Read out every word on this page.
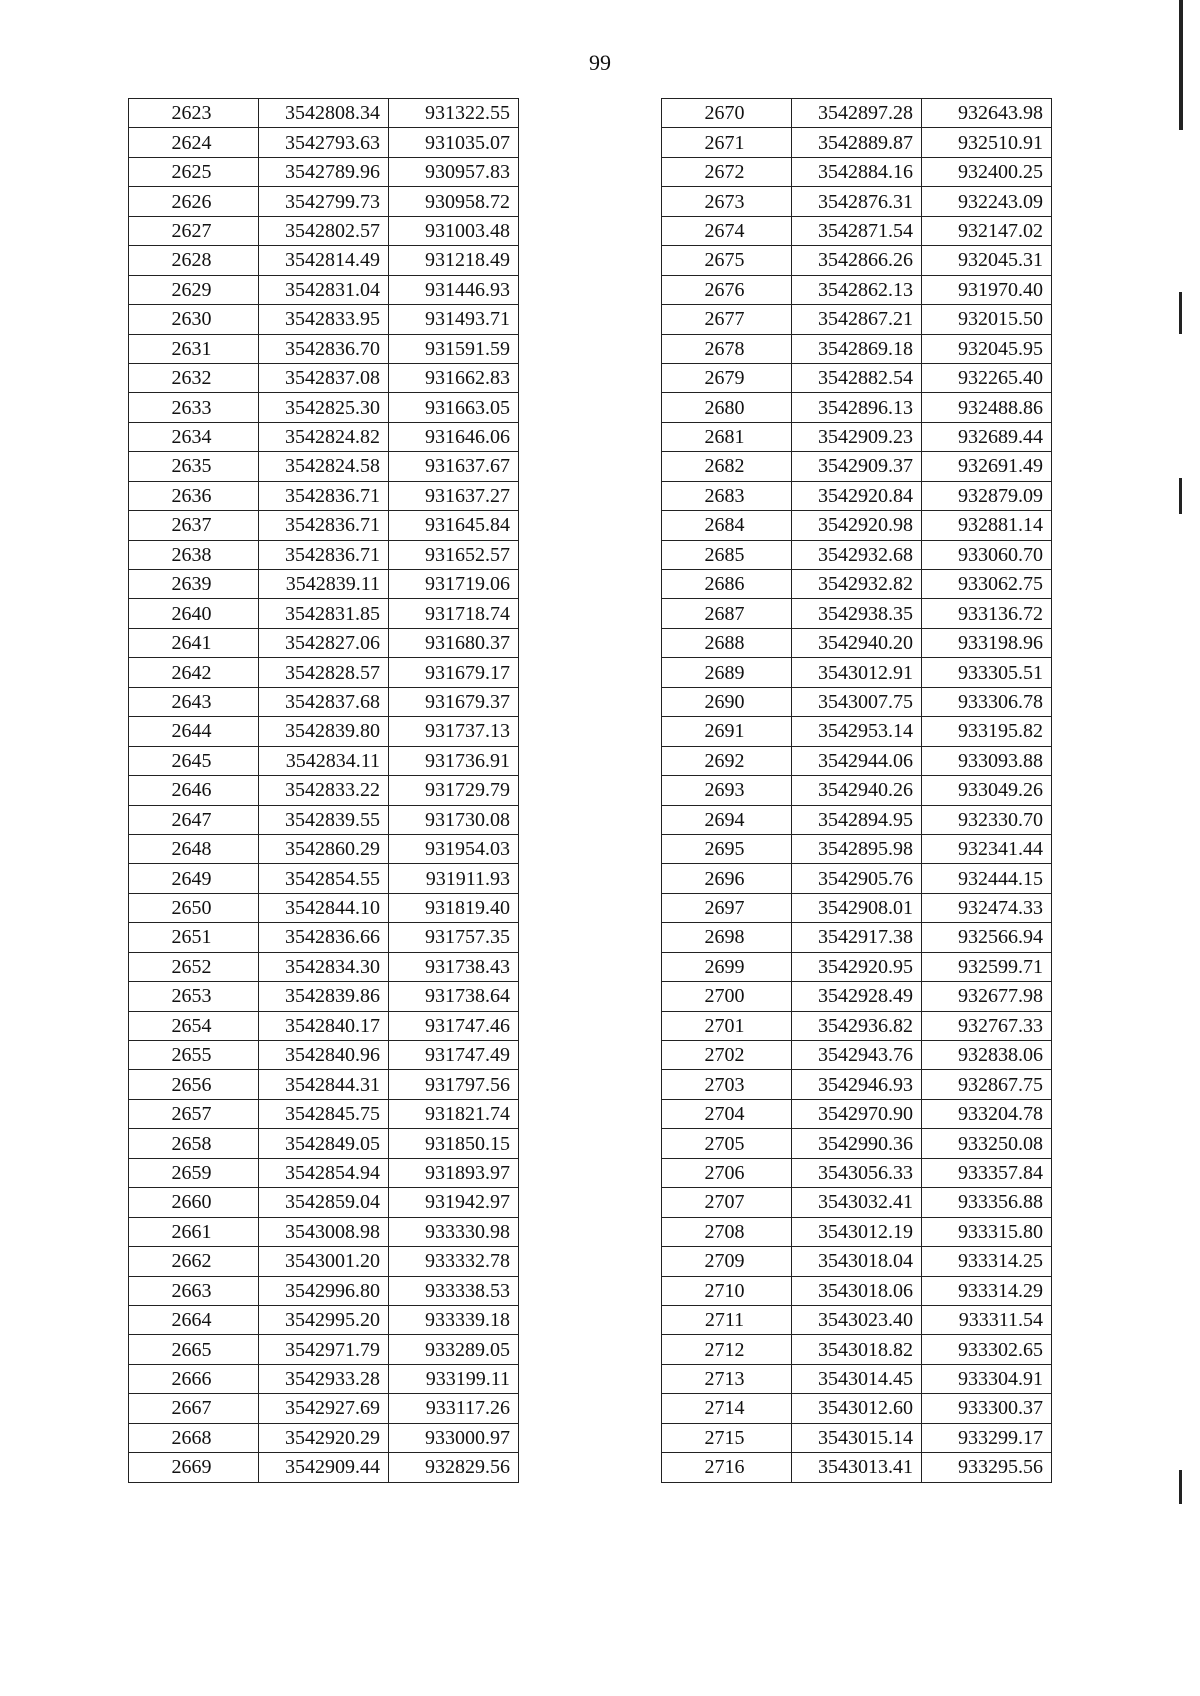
99
2623	3542808.34	931322.55
2624	3542793.63	931035.07
2625	3542789.96	930957.83
2626	3542799.73	930958.72
2627	3542802.57	931003.48
2628	3542814.49	931218.49
2629	3542831.04	931446.93
2630	3542833.95	931493.71
2631	3542836.70	931591.59
2632	3542837.08	931662.83
2633	3542825.30	931663.05
2634	3542824.82	931646.06
2635	3542824.58	931637.67
2636	3542836.71	931637.27
2637	3542836.71	931645.84
2638	3542836.71	931652.57
2639	3542839.11	931719.06
2640	3542831.85	931718.74
2641	3542827.06	931680.37
2642	3542828.57	931679.17
2643	3542837.68	931679.37
2644	3542839.80	931737.13
2645	3542834.11	931736.91
2646	3542833.22	931729.79
2647	3542839.55	931730.08
2648	3542860.29	931954.03
2649	3542854.55	931911.93
2650	3542844.10	931819.40
2651	3542836.66	931757.35
2652	3542834.30	931738.43
2653	3542839.86	931738.64
2654	3542840.17	931747.46
2655	3542840.96	931747.49
2656	3542844.31	931797.56
2657	3542845.75	931821.74
2658	3542849.05	931850.15
2659	3542854.94	931893.97
2660	3542859.04	931942.97
2661	3543008.98	933330.98
2662	3543001.20	933332.78
2663	3542996.80	933338.53
2664	3542995.20	933339.18
2665	3542971.79	933289.05
2666	3542933.28	933199.11
2667	3542927.69	933117.26
2668	3542920.29	933000.97
2669	3542909.44	932829.56
2670	3542897.28	932643.98
2671	3542889.87	932510.91
2672	3542884.16	932400.25
2673	3542876.31	932243.09
2674	3542871.54	932147.02
2675	3542866.26	932045.31
2676	3542862.13	931970.40
2677	3542867.21	932015.50
2678	3542869.18	932045.95
2679	3542882.54	932265.40
2680	3542896.13	932488.86
2681	3542909.23	932689.44
2682	3542909.37	932691.49
2683	3542920.84	932879.09
2684	3542920.98	932881.14
2685	3542932.68	933060.70
2686	3542932.82	933062.75
2687	3542938.35	933136.72
2688	3542940.20	933198.96
2689	3543012.91	933305.51
2690	3543007.75	933306.78
2691	3542953.14	933195.82
2692	3542944.06	933093.88
2693	3542940.26	933049.26
2694	3542894.95	932330.70
2695	3542895.98	932341.44
2696	3542905.76	932444.15
2697	3542908.01	932474.33
2698	3542917.38	932566.94
2699	3542920.95	932599.71
2700	3542928.49	932677.98
2701	3542936.82	932767.33
2702	3542943.76	932838.06
2703	3542946.93	932867.75
2704	3542970.90	933204.78
2705	3542990.36	933250.08
2706	3543056.33	933357.84
2707	3543032.41	933356.88
2708	3543012.19	933315.80
2709	3543018.04	933314.25
2710	3543018.06	933314.29
2711	3543023.40	933311.54
2712	3543018.82	933302.65
2713	3543014.45	933304.91
2714	3543012.60	933300.37
2715	3543015.14	933299.17
2716	3543013.41	933295.56
